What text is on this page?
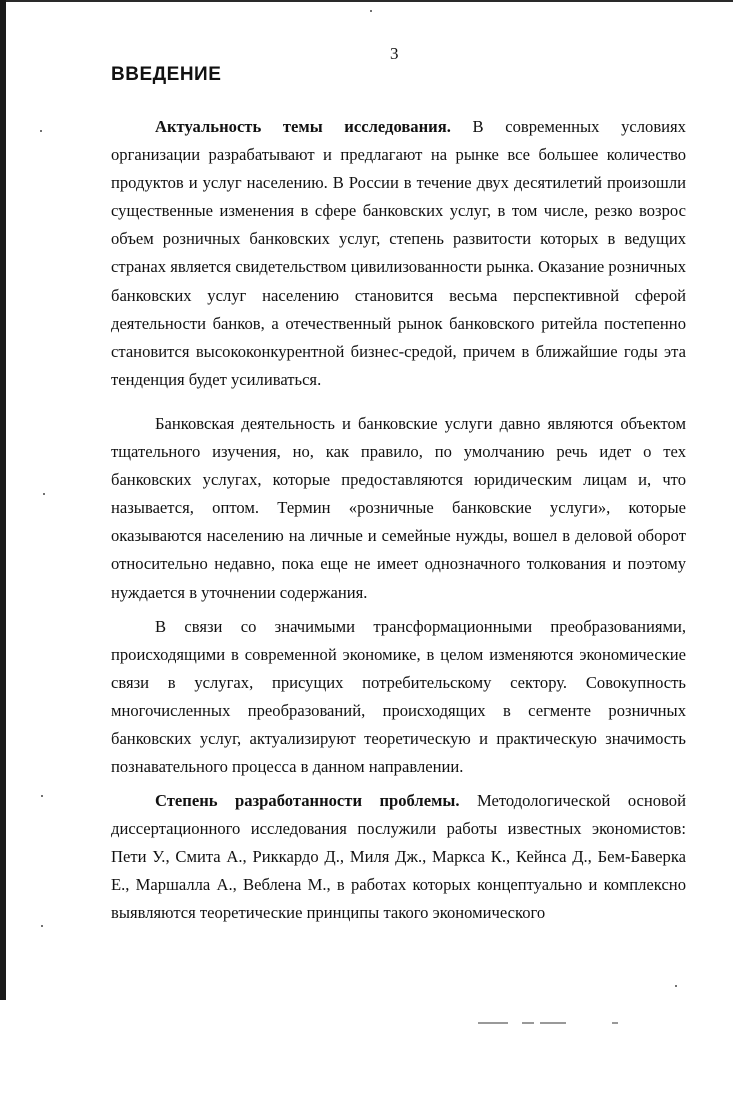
3
ВВЕДЕНИЕ

Актуальность темы исследования. В современных условиях организации разрабатывают и предлагают на рынке все большее количество продуктов и услуг населению. В России в течение двух десятилетий произошли существенные изменения в сфере банковских услуг, в том числе, резко возрос объем розничных банковских услуг, степень развитости которых в ведущих странах является свидетельством цивилизованности рынка. Оказание розничных банковских услуг населению становится весьма перспективной сферой деятельности банков, а отечественный рынок банковского ритейла постепенно становится высококонкурентной бизнес-средой, причем в ближайшие годы эта тенденция будет усиливаться.

Банковская деятельность и банковские услуги давно являются объектом тщательного изучения, но, как правило, по умолчанию речь идет о тех банковских услугах, которые предоставляются юридическим лицам и, что называется, оптом. Термин «розничные банковские услуги», которые оказываются населению на личные и семейные нужды, вошел в деловой оборот относительно недавно, пока еще не имеет однозначного толкования и поэтому нуждается в уточнении содержания.

В связи со значимыми трансформационными преобразованиями, происходящими в современной экономике, в целом изменяются экономические связи в услугах, присущих потребительскому сектору. Совокупность многочисленных преобразований, происходящих в сегменте розничных банковских услуг, актуализируют теоретическую и практическую значимость познавательного процесса в данном направлении.

Степень разработанности проблемы. Методологической основой диссертационного исследования послужили работы известных экономистов: Пети У., Смита А., Риккардо Д., Миля Дж., Маркса К., Кейнса Д., Бем-Баверка Е., Маршалла А., Веблена М., в работах которых концептуально и комплексно выявляются теоретические принципы такого экономического
